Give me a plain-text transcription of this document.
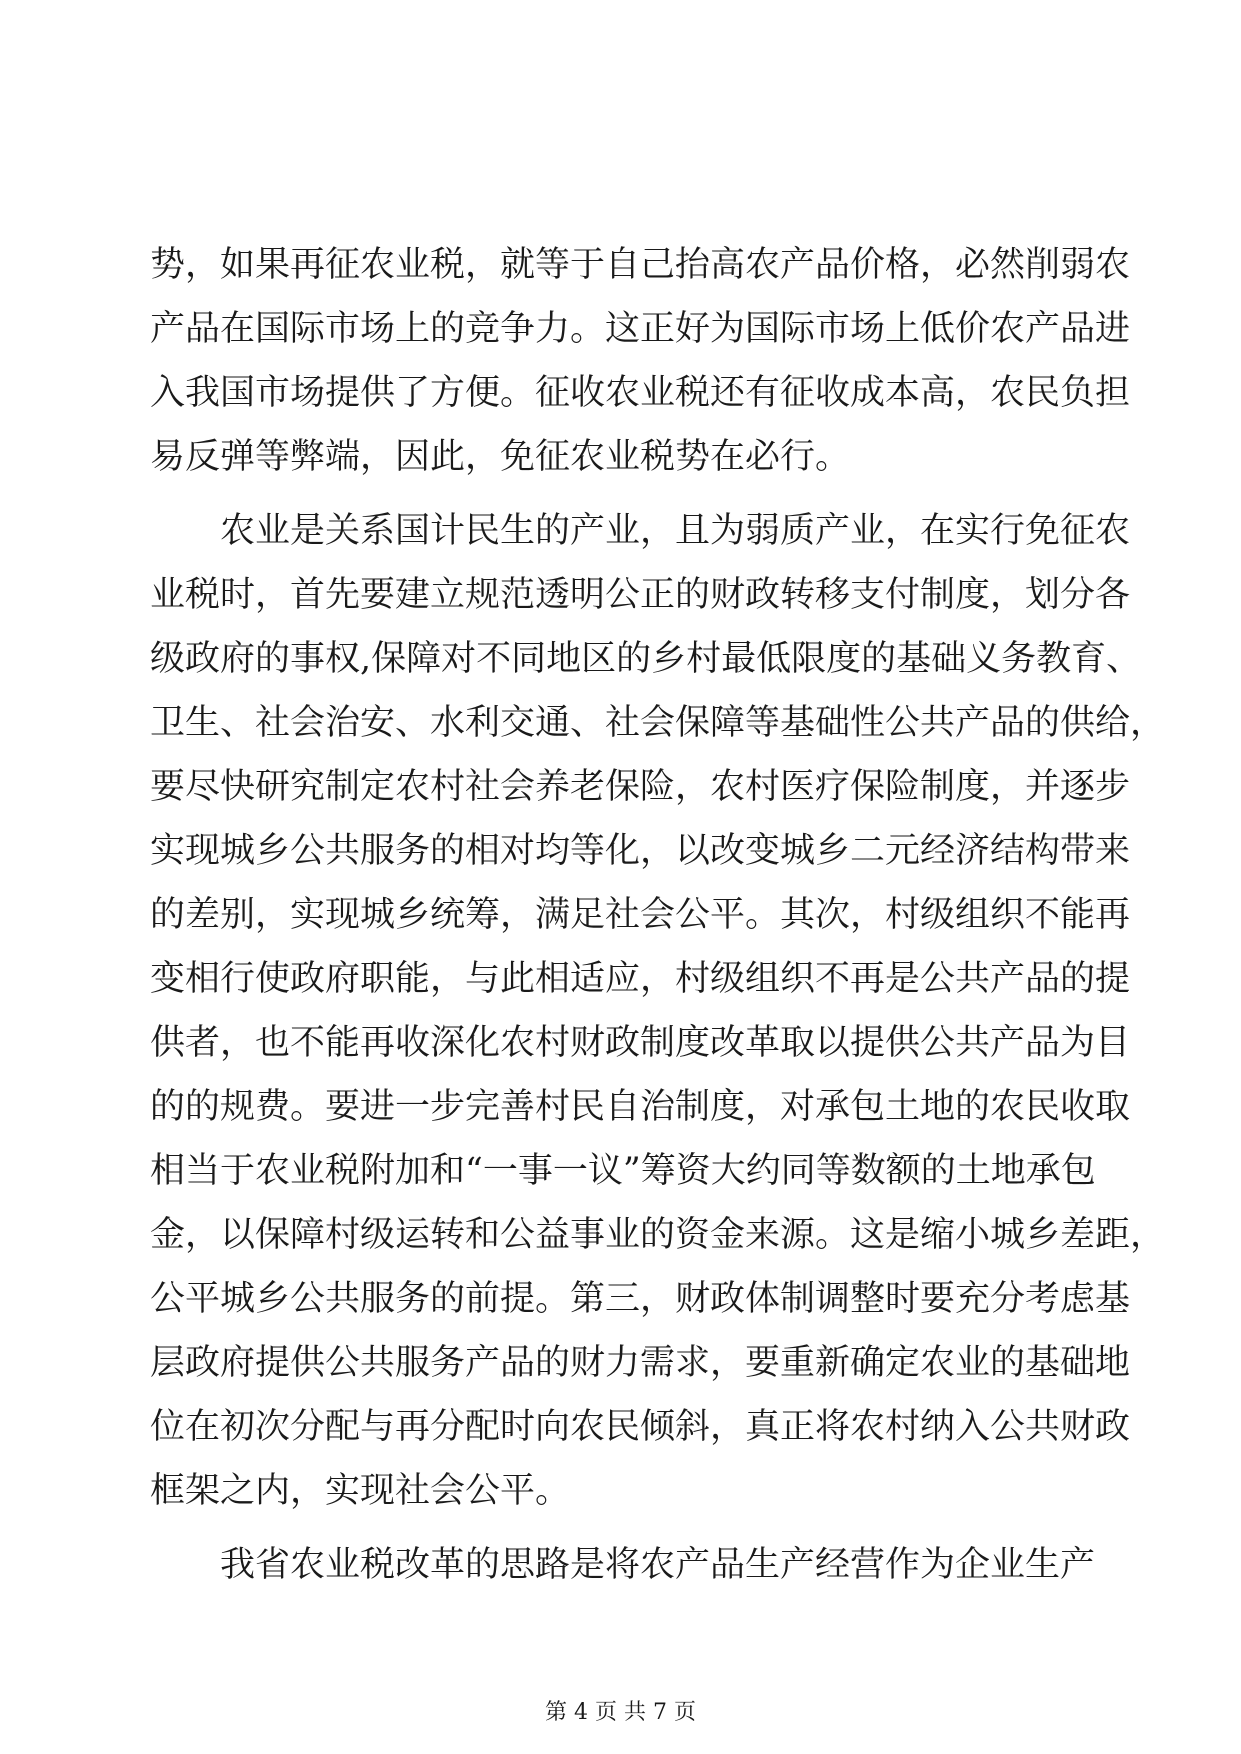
势，如果再征农业税，就等于自己抬高农产品价格，必然削弱农
产品在国际市场上的竞争力。这正好为国际市场上低价农产品进
入我国市场提供了方便。征收农业税还有征收成本高，农民负担
易反弹等弊端，因此，免征农业税势在必行。
　　农业是关系国计民生的产业，且为弱质产业，在实行免征农
业税时，首先要建立规范透明公正的财政转移支付制度，划分各
级政府的事权,保障对不同地区的乡村最低限度的基础义务教育、
卫生、社会治安、水利交通、社会保障等基础性公共产品的供给，
要尽快研究制定农村社会养老保险，农村医疗保险制度，并逐步
实现城乡公共服务的相对均等化，以改变城乡二元经济结构带来
的差别，实现城乡统筹，满足社会公平。其次，村级组织不能再
变相行使政府职能，与此相适应，村级组织不再是公共产品的提
供者，也不能再收深化农村财政制度改革取以提供公共产品为目
的的规费。要进一步完善村民自治制度，对承包土地的农民收取
相当于农业税附加和“一事一议”筹资大约同等数额的土地承包
金，以保障村级运转和公益事业的资金来源。这是缩小城乡差距，
公平城乡公共服务的前提。第三，财政体制调整时要充分考虑基
层政府提供公共服务产品的财力需求，要重新确定农业的基础地
位在初次分配与再分配时向农民倾斜，真正将农村纳入公共财政
框架之内，实现社会公平。
　　我省农业税改革的思路是将农产品生产经营作为企业生产
第 4 页 共 7 页
